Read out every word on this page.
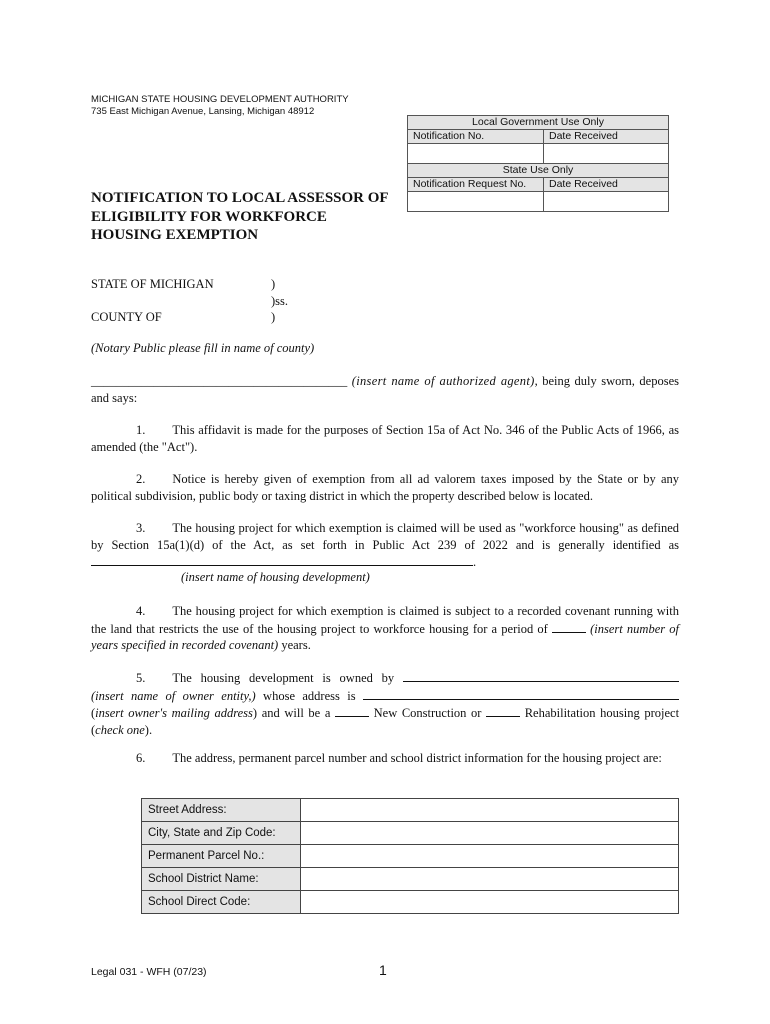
MICHIGAN STATE HOUSING DEVELOPMENT AUTHORITY
735 East Michigan Avenue, Lansing, Michigan 48912
Local Government Use Only	
Notification No.	Date Received

State Use Only	
Notification Request No.	Date Received

NOTIFICATION TO LOCAL ASSESSOR OF ELIGIBILITY FOR WORKFORCE HOUSING EXEMPTION
STATE OF MICHIGAN	)
)ss.
COUNTY OF	)
(Notary Public please fill in name of county)
_________________________________________ (insert name of authorized agent), being duly sworn, deposes and says:
1. This affidavit is made for the purposes of Section 15a of Act No. 346 of the Public Acts of 1966, as amended (the "Act").
2. Notice is hereby given of exemption from all ad valorem taxes imposed by the State or by any political subdivision, public body or taxing district in which the property described below is located.
3. The housing project for which exemption is claimed will be used as "workforce housing" as defined by Section 15a(1)(d) of the Act, as set forth in Public Act 239 of 2022 and is generally identified as .
(insert name of housing development)
4. The housing project for which exemption is claimed is subject to a recorded covenant running with the land that restricts the use of the housing project to workforce housing for a period of	(insert number of years specified in recorded covenant) years.
5. The housing development is owned by  (insert name of owner entity,) whose address is  (insert owner's mailing address) and will be a	New Construction or	Rehabilitation housing project (check one).
6. The address, permanent parcel number and school district information for the housing project are:
Street Address:	
City, State and Zip Code:	
Permanent Parcel No.:	
School District Name:	
School Direct Code:	
Legal 031 - WFH (07/23)	1
